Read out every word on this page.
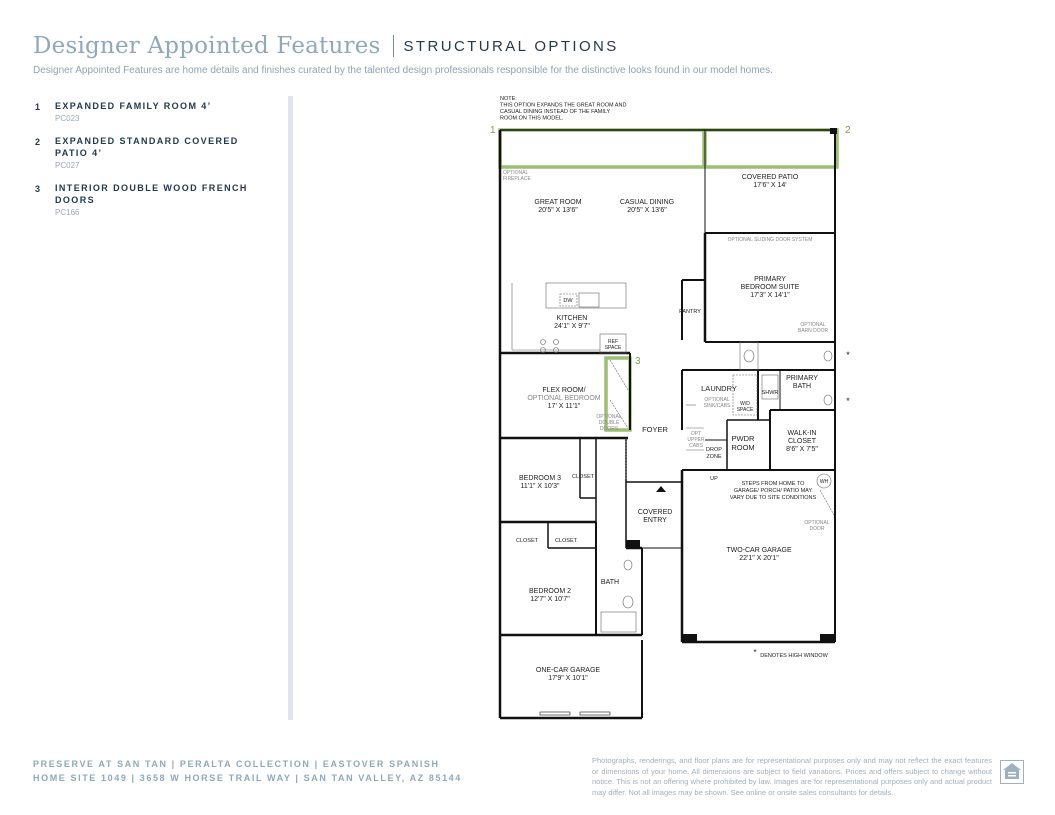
Designer Appointed Features STRUCTURAL OPTIONS
Designer Appointed Features are home details and finishes curated by the talented design professionals responsible for the distinctive looks found in our model homes.
1 EXPANDED FAMILY ROOM 4’
PC023
2 EXPANDED STANDARD COVERED PATIO 4’
PC027
3 INTERIOR DOUBLE WOOD FRENCH DOORS
PC166
NOTE: THIS OPTION EXPANDS THE GREAT ROOM AND CASUAL DINING INSTEAD OF THE FAMILY ROOM ON THIS MODEL.
1	2
3
OPTIONAL FIREPLACE
GREAT ROOM 20'5" X 13'6"
CASUAL DINING 20'5" X 13'6"
COVERED PATIO 17'6" X 14'
OPTIONAL SLIDING DOOR SYSTEM
PRIMARY BEDROOM SUITE 17'3" X 14'1"
OPTIONAL BARN DOOR
KITCHEN 24'1" X 9'7"
DW
PANTRY
REF SPACE
FLEX ROOM/ OPTIONAL BEDROOM 17' X 11'1"
OPTIONAL DOUBLE DOORS	FOYER
LAUNDRY
OPTIONAL SINK/CABS	W/D SPACE
SHWR
PRIMARY BATH
OPT UPPER CABS
DROP ZONE
PWDR ROOM
WALK-IN CLOSET 8'6" X 7'5"
UP
STEPS FROM HOME TO GARAGE/ PORCH/ PATIO MAY VARY DUE TO SITE CONDITIONS
WH
OPTIONAL DOOR
BEDROOM 3 11'1" X 10'3"
CLOSET
COVERED ENTRY
TWO-CAR GARAGE 22'1" X 20'1"
CLOSET	CLOSET
BEDROOM 2 12'7" X 10'7"
BATH
ONE-CAR GARAGE 17'9" X 10'1"
*
*
* DENOTES HIGH WINDOW
PRESERVE AT SAN TAN | PERALTA COLLECTION | EASTOVER SPANISH
HOME SITE 1049 | 3658 W HORSE TRAIL WAY | SAN TAN VALLEY, AZ 85144
Photographs, renderings, and floor plans are for representational purposes only and may not reflect the exact features or dimensions of your home. All dimensions are subject to field variations. Prices and offers subject to change without notice. This is not an offering where prohibited by law. Images are for representational purposes only and actual product may differ. Not all images may be shown. See online or onsite sales consultants for details.
